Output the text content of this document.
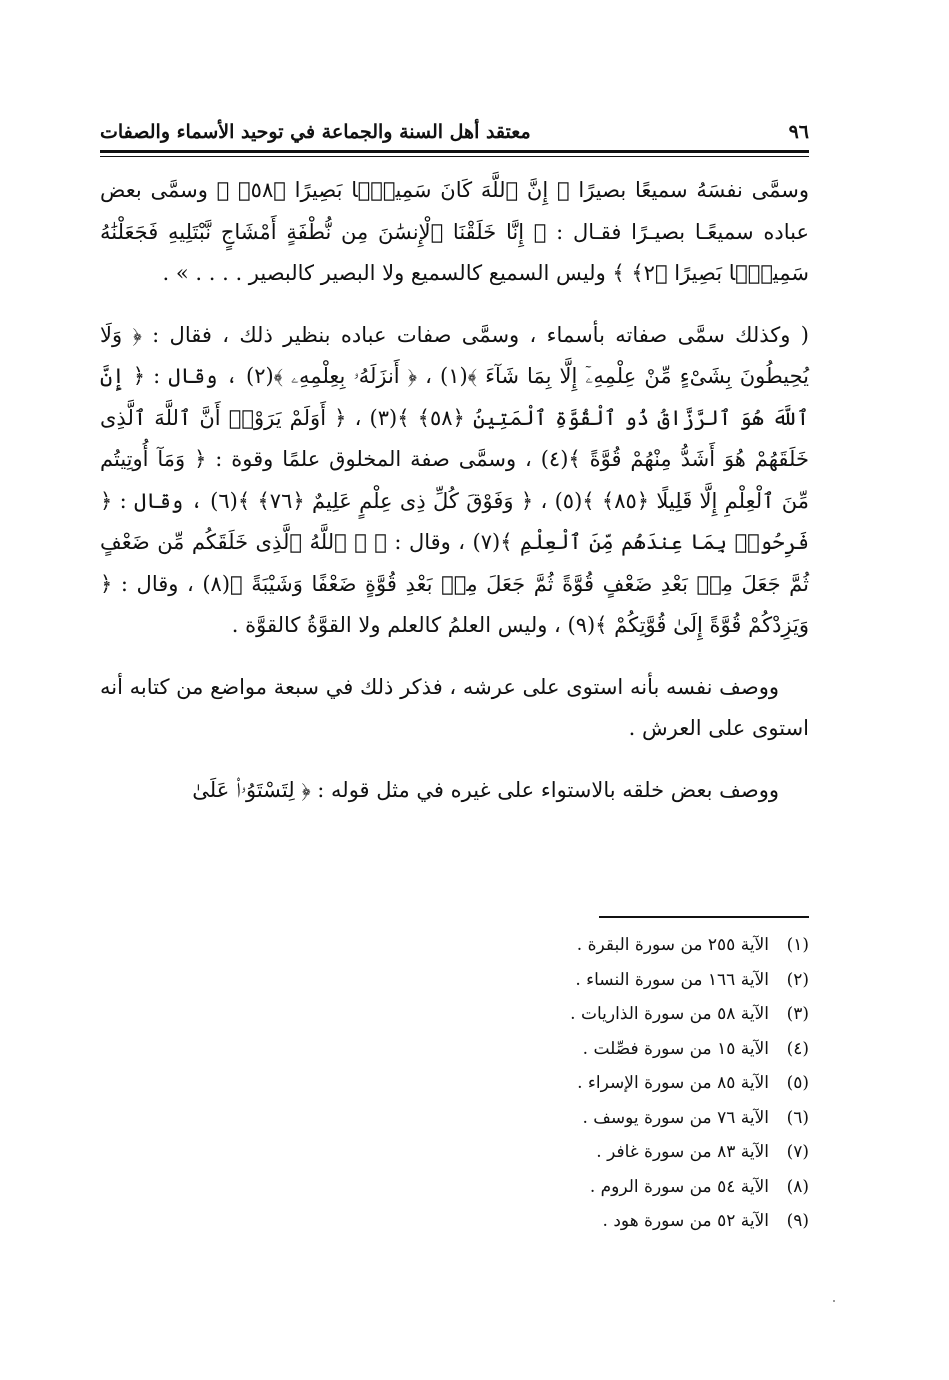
٩٦
معتقد أهل السنة والجماعة في توحيد الأسماء والصفات

وسمَّى نفسَهُ سميعًا بصيرًا ﴿ إِنَّ ٱللَّهَ كَانَ سَمِيعًۢا بَصِيرًا ﴿٥٨﴾ ﴾ وسمَّى بعض عباده سميعًـا بصيـرًا فقـال : ﴿ إِنَّا خَلَقْنَا ٱلْإِنسَٰنَ مِن نُّطْفَةٍ أَمْشَاجٍ نَّبْتَلِيهِ فَجَعَلْنَٰهُ سَمِيعًۢا بَصِيرًا ﴿٢﴾ ﴾ وليس السميع كالسميع ولا البصير كالبصير . . . . » .

( وكذلك سمَّى صفاته بأسماء ، وسمَّى صفات عباده بنظير ذلك ، فقال : ﴿ وَلَا يُحِيطُونَ بِشَىْءٍ مِّنْ عِلْمِهِۦٓ إِلَّا بِمَا شَآءَ ﴾(١) ، ﴿ أَنزَلَهُۥ بِعِلْمِهِۦ ﴾(٢) ، وقال : ﴿ إِنَّ ٱللَّهَ هُوَ ٱلرَّزَّاقُ ذُو ٱلْقُوَّةِ ٱلْمَتِينُ ﴿٥٨﴾ ﴾(٣) ، ﴿ أَوَلَمْ يَرَوْا۟ أَنَّ ٱللَّهَ ٱلَّذِى خَلَقَهُمْ هُوَ أَشَدُّ مِنْهُمْ قُوَّةً ﴾(٤) ، وسمَّى صفة المخلوق علمًا وقوة : ﴿ وَمَآ أُوتِيتُم مِّنَ ٱلْعِلْمِ إِلَّا قَلِيلًا ﴿٨٥﴾ ﴾(٥) ، ﴿ وَفَوْقَ كُلِّ ذِى عِلْمٍ عَلِيمٌ ﴿٧٦﴾ ﴾(٦) ، وقال : ﴿ فَرِحُوا۟ بِمَا عِندَهُم مِّنَ ٱلْعِلْمِ ﴾(٧) ، وقال : ﴿ ۞ ٱللَّهُ ٱلَّذِى خَلَقَكُم مِّن ضَعْفٍ ثُمَّ جَعَلَ مِنۢ بَعْدِ ضَعْفٍ قُوَّةً ثُمَّ جَعَلَ مِنۢ بَعْدِ قُوَّةٍ ضَعْفًا وَشَيْبَةً ﴾(٨) ، وقال : ﴿ وَيَزِدْكُمْ قُوَّةً إِلَىٰ قُوَّتِكُمْ ﴾(٩) ، وليس العلمُ كالعلم ولا القوَّةُ كالقوَّة .

ووصف نفسه بأنه استوى على عرشه ، فذكر ذلك في سبعة مواضع من كتابه أنه استوى على العرش .

ووصف بعض خلقه بالاستواء على غيره في مثل قوله : ﴿ لِتَسْتَوُۥا۟ عَلَىٰ

(١)
الآية ٢٥٥ من سورة البقرة .
(٢)
الآية ١٦٦ من سورة النساء .
(٣)
الآية ٥٨ من سورة الذاريات .
(٤)
الآية ١٥ من سورة فصِّلت .
(٥)
الآية ٨٥ من سورة الإسراء .
(٦)
الآية ٧٦ من سورة يوسف .
(٧)
الآية ٨٣ من سورة غافر .
(٨)
الآية ٥٤ من سورة الروم .
(٩)
الآية ٥٢ من سورة هود .
